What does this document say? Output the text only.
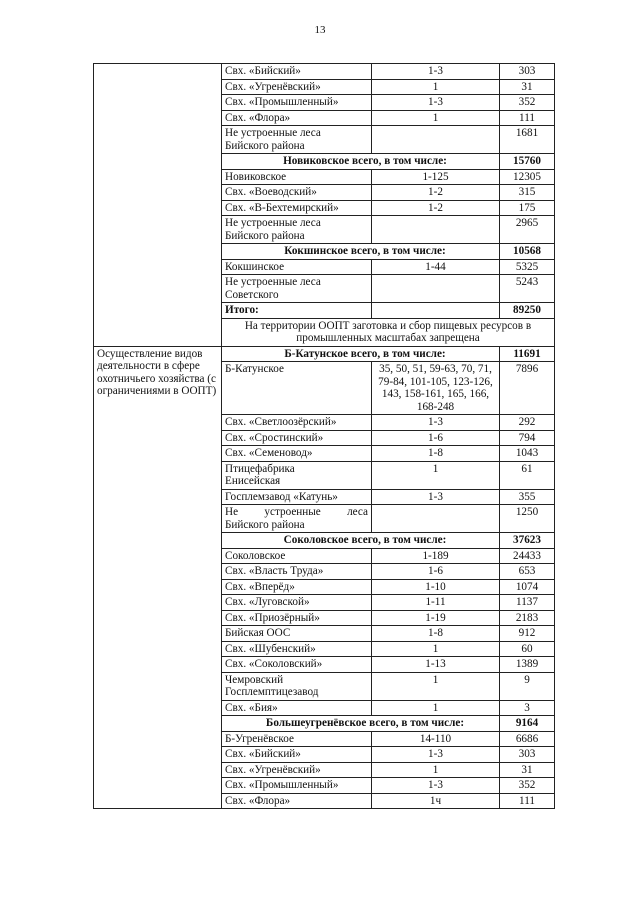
13
	Свх. «Бийский»	1-3	303
	Свх. «Угренёвский»	1	31
	Свх. «Промышленный»	1-3	352
	Свх. «Флора»	1	111
	Не устроенные леса
Бийского района		1681
	Новиковское всего, в том числе:		15760
	Новиковское	1-125	12305
	Свх. «Воеводский»	1-2	315
	Свх. «В-Бехтемирский»	1-2	175
	Не устроенные леса
Бийского района		2965
	Кокшинское всего, в том числе:		10568
	Кокшинское	1-44	5325
	Не устроенные леса
Советского		5243
	Итого:		89250
	На территории ООПТ заготовка и сбор пищевых ресурсов в промышленных масштабах запрещена		
Осуществление видов деятельности в сфере охотничьего хозяйства (с ограничениями в ООПТ)	Б-Катунское всего, в том числе:		11691
	Б-Катунское	35, 50, 51, 59-63, 70, 71, 79-84, 101-105, 123-126, 143, 158-161, 165, 166, 168-248	7896
	Свх. «Светлоозёрский»	1-3	292
	Свх. «Сростинский»	1-6	794
	Свх. «Семеновод»	1-8	1043
	Птицефабрика
Енисейская	1	61
	Госплемзавод «Катунь»	1-3	355

	Не устроенные леса
Бийского района		1250
	Соколовское всего, в том числе:		37623
	Соколовское	1-189	24433
	Свх. «Власть Труда»	1-6	653
	Свх. «Вперёд»	1-10	1074
	Свх. «Луговской»	1-11	1137
	Свх. «Приозёрный»	1-19	2183
	Бийская ООС	1-8	912
	Свх. «Шубенский»	1	60
	Свх. «Соколовский»	1-13	1389
	Чемровский
Госплемптицезавод	1	9
	Свх. «Бия»	1	3
	Большеугренёвское всего, в том числе:		9164
	Б-Угренёвское	14-110	6686
	Свх. «Бийский»	1-3	303
	Свх. «Угренёвский»	1	31
	Свх. «Промышленный»	1-3	352
	Свх. «Флора»	1ч	111
